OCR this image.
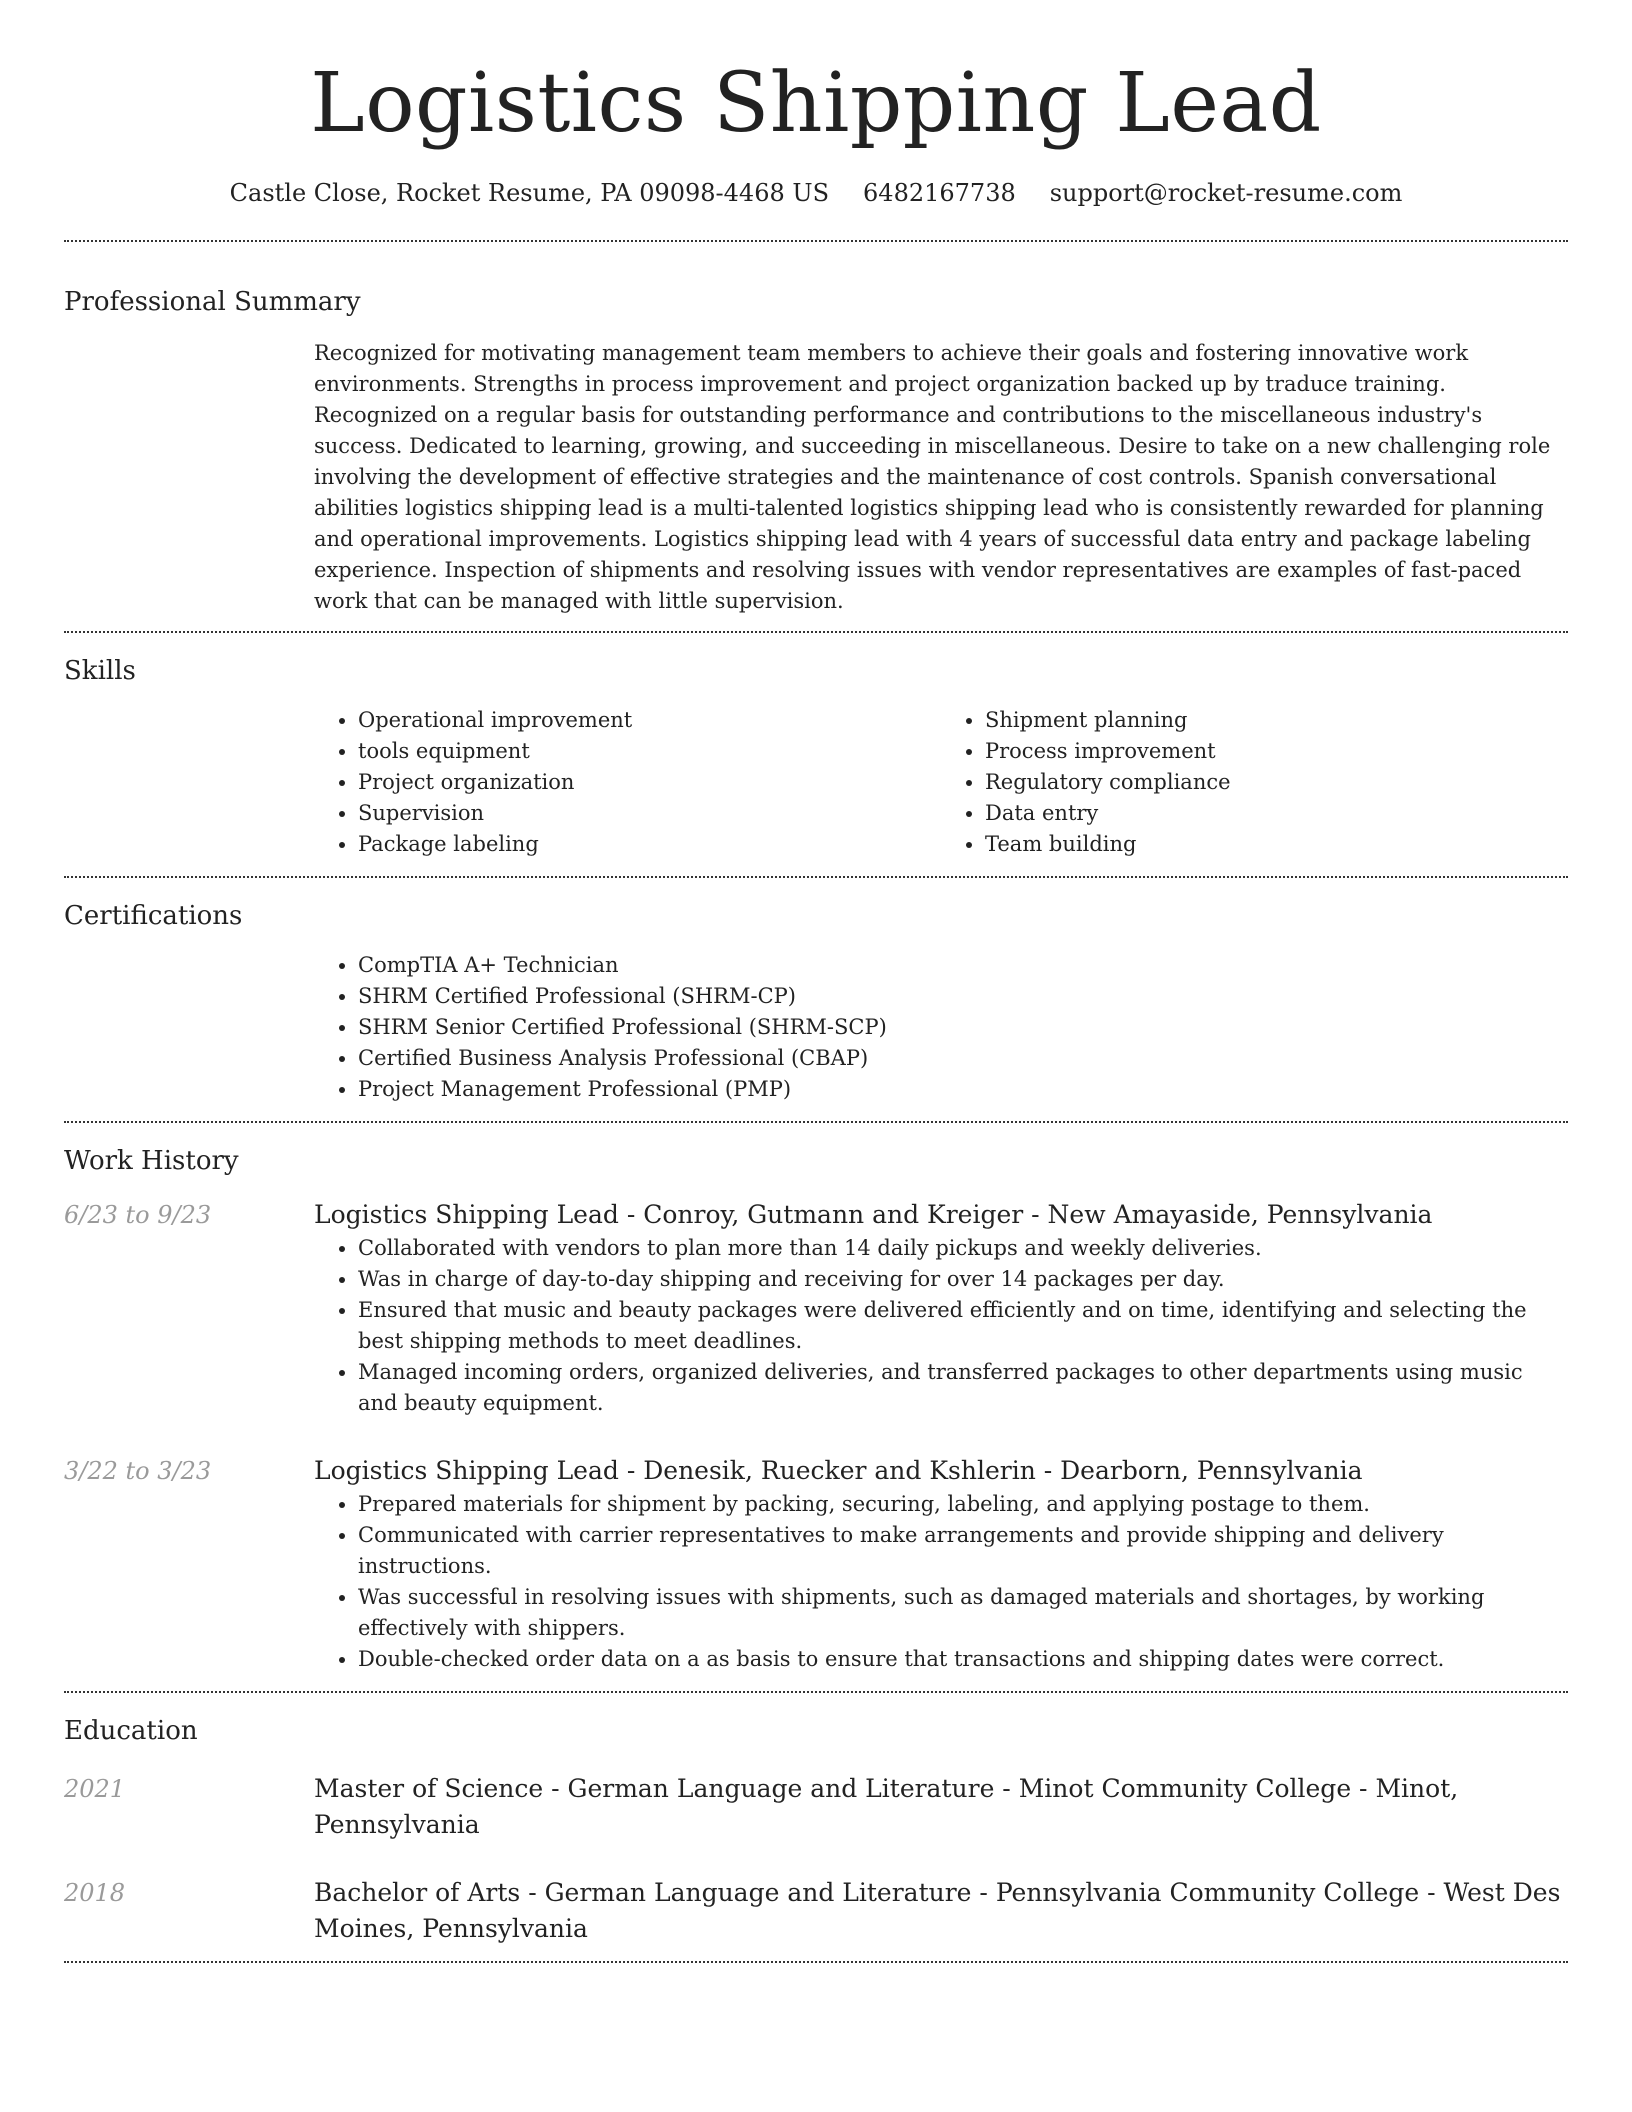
Logistics Shipping Lead
Castle Close, Rocket Resume, PA 09098-4468 US 6482167738 support@rocket-resume.com
Professional Summary

Recognized for motivating management team members to achieve their goals and fostering innovative work environments. Strengths in process improvement and project organization backed up by traduce training. Recognized on a regular basis for outstanding performance and contributions to the miscellaneous industry's success. Dedicated to learning, growing, and succeeding in miscellaneous. Desire to take on a new challenging role involving the development of effective strategies and the maintenance of cost controls. Spanish conversational abilities logistics shipping lead is a multi-talented logistics shipping lead who is consistently rewarded for planning and operational improvements. Logistics shipping lead with 4 years of successful data entry and package labeling experience. Inspection of shipments and resolving issues with vendor representatives are examples of fast-paced work that can be managed with little supervision.

Skills
• Operational improvement
• tools equipment
• Project organization
• Supervision
• Package labeling
• Shipment planning
• Process improvement
• Regulatory compliance
• Data entry
• Team building
Certifications
• CompTIA A+ Technician
• SHRM Certified Professional (SHRM-CP)
• SHRM Senior Certified Professional (SHRM-SCP)
• Certified Business Analysis Professional (CBAP)
• Project Management Professional (PMP)
Work History
6/23 to 9/23	Logistics Shipping Lead - Conroy, Gutmann and Kreiger - New Amayaside, Pennsylvania
• Collaborated with vendors to plan more than 14 daily pickups and weekly deliveries.
• Was in charge of day-to-day shipping and receiving for over 14 packages per day.
• Ensured that music and beauty packages were delivered efficiently and on time, identifying and selecting the best shipping methods to meet deadlines.
• Managed incoming orders, organized deliveries, and transferred packages to other departments using music and beauty equipment.
3/22 to 3/23	Logistics Shipping Lead - Denesik, Ruecker and Kshlerin - Dearborn, Pennsylvania
• Prepared materials for shipment by packing, securing, labeling, and applying postage to them.
• Communicated with carrier representatives to make arrangements and provide shipping and delivery instructions.
• Was successful in resolving issues with shipments, such as damaged materials and shortages, by working effectively with shippers.
• Double-checked order data on a as basis to ensure that transactions and shipping dates were correct.
Education
2021	Master of Science - German Language and Literature - Minot Community College - Minot, Pennsylvania
2018	Bachelor of Arts - German Language and Literature - Pennsylvania Community College - West Des Moines, Pennsylvania
